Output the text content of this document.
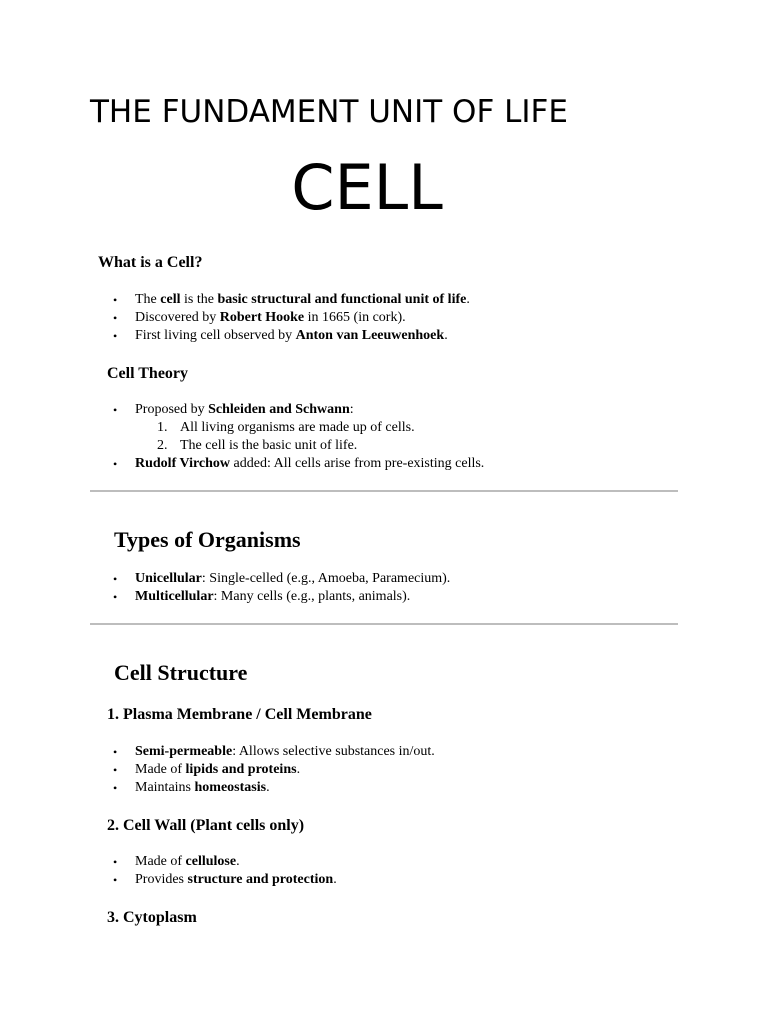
THE FUNDAMENT UNIT OF LIFE
CELL
What is a Cell?
• The cell is the basic structural and functional unit of life.
• Discovered by Robert Hooke in 1665 (in cork).
• First living cell observed by Anton van Leeuwenhoek.
Cell Theory
• Proposed by Schleiden and Schwann:
1. All living organisms are made up of cells.
2. The cell is the basic unit of life.
• Rudolf Virchow added: All cells arise from pre-existing cells.
Types of Organisms
• Unicellular: Single-celled (e.g., Amoeba, Paramecium).
• Multicellular: Many cells (e.g., plants, animals).
Cell Structure
1. Plasma Membrane / Cell Membrane
• Semi-permeable: Allows selective substances in/out.
• Made of lipids and proteins.
• Maintains homeostasis.
2. Cell Wall (Plant cells only)
• Made of cellulose.
• Provides structure and protection.
3. Cytoplasm
